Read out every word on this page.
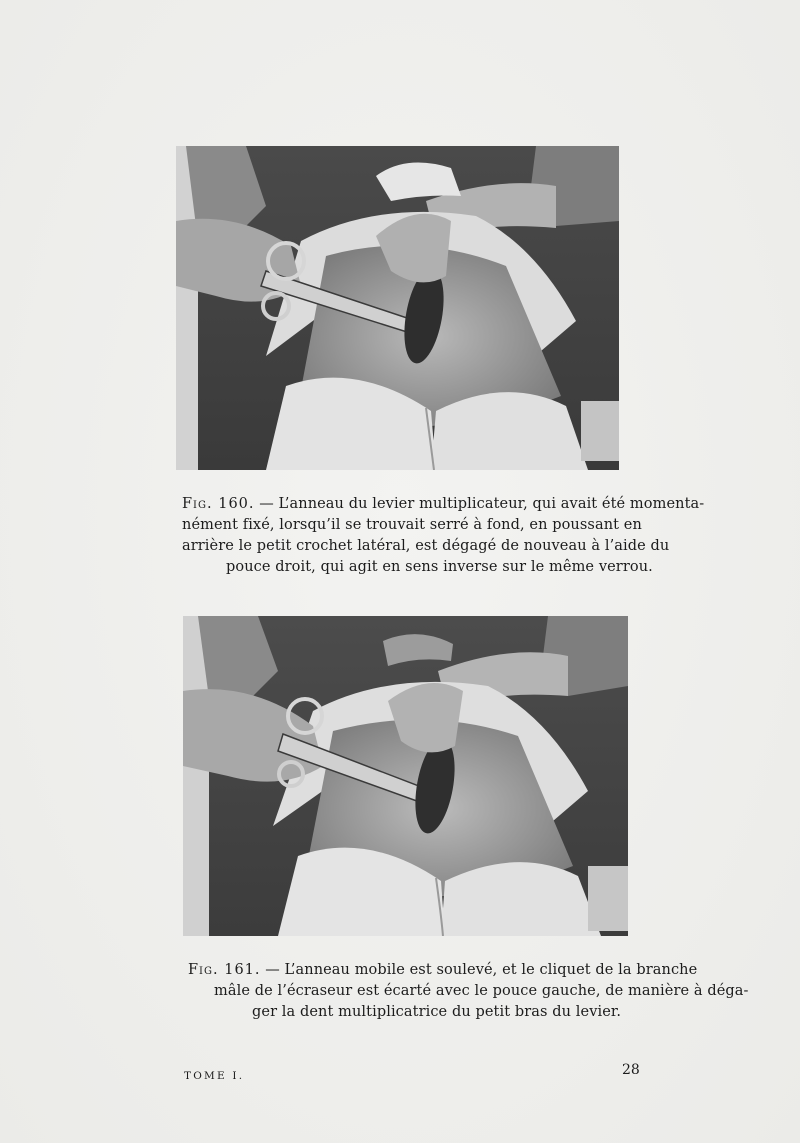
Fig. 160. — L’anneau du levier multiplicateur, qui avait été momenta-
nément fixé, lorsqu’il se trouvait serré à fond, en poussant en
arrière le petit crochet latéral, est dégagé de nouveau à l’aide du
pouce droit, qui agit en sens inverse sur le même verrou.
Fig. 161. — L’anneau mobile est soulevé, et le cliquet de la branche
mâle de l’écraseur est écarté avec le pouce gauche, de manière à déga-
ger la dent multiplicatrice du petit bras du levier.
TOME I.	28
